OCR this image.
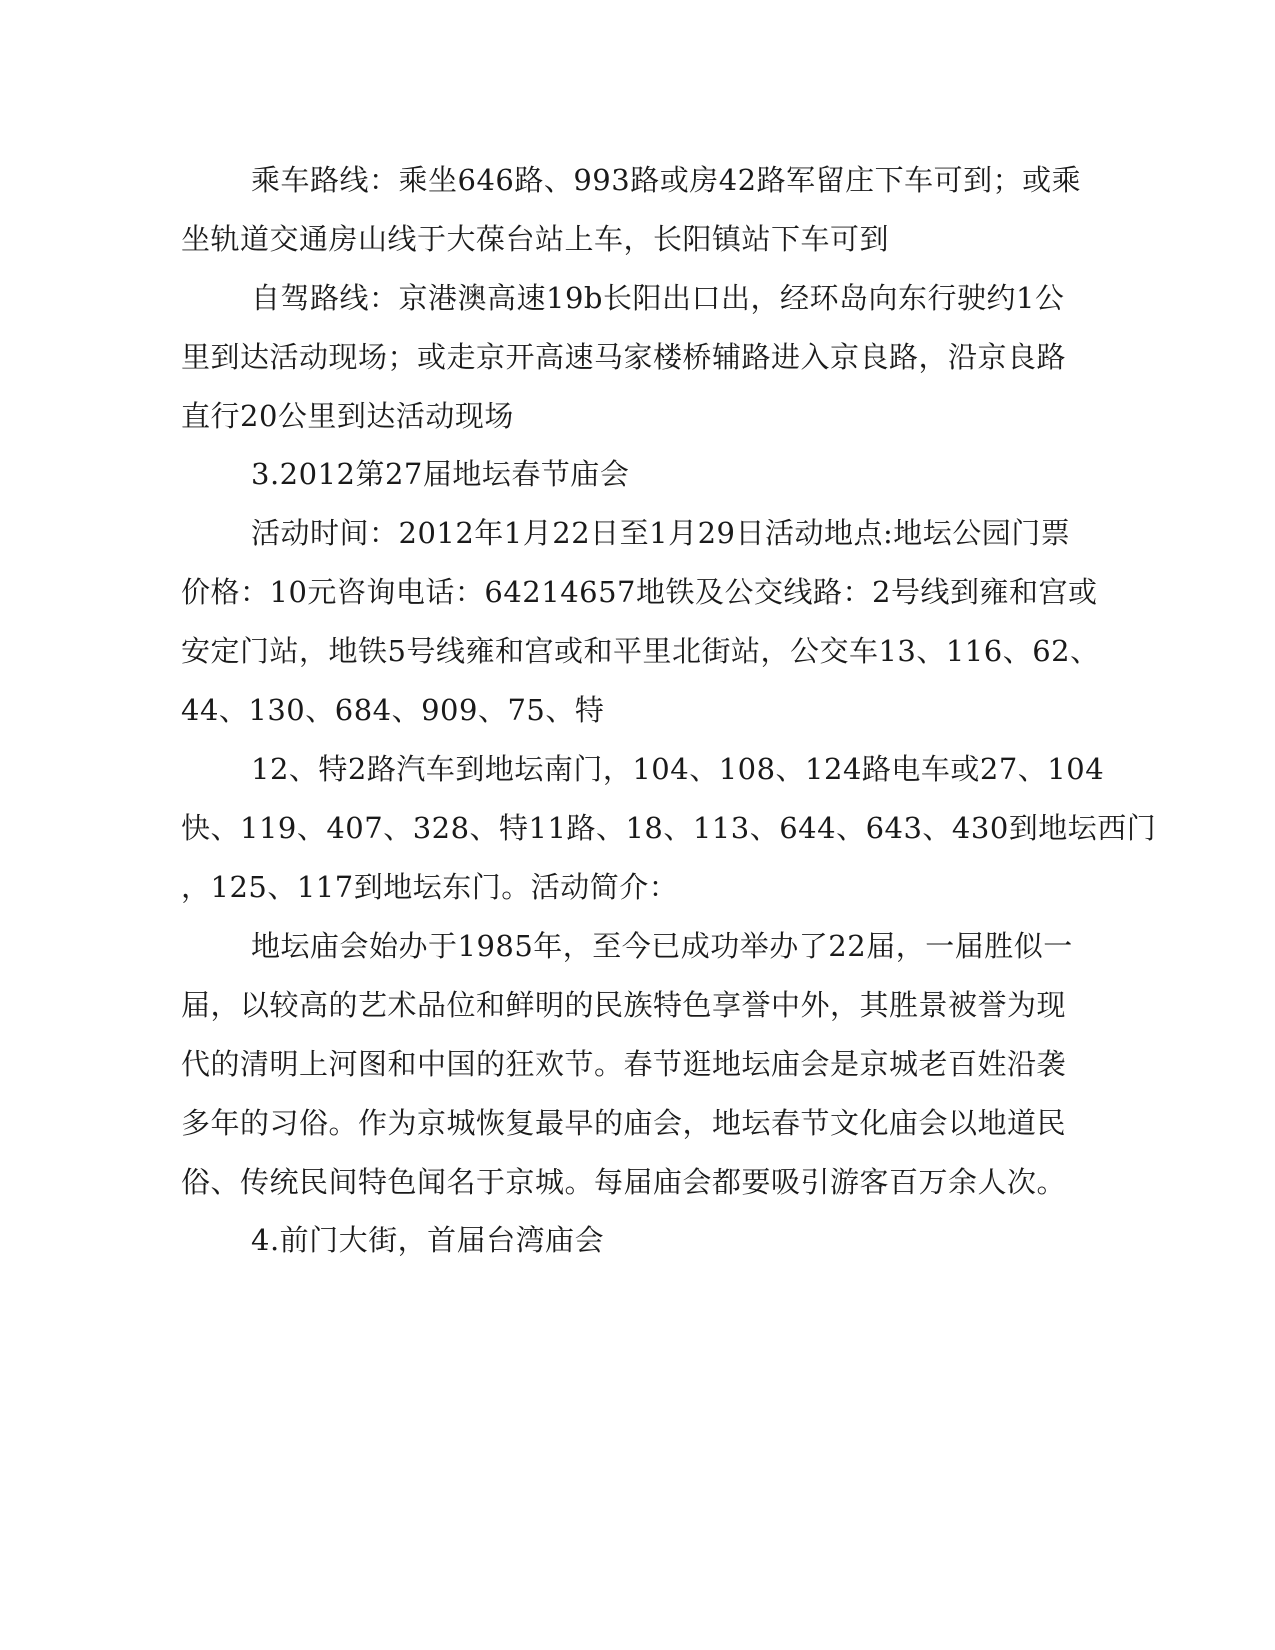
乘车路线：乘坐646路、993路或房42路军留庄下车可到；或乘
坐轨道交通房山线于大葆台站上车，长阳镇站下车可到
自驾路线：京港澳高速19b长阳出口出，经环岛向东行驶约1公
里到达活动现场；或走京开高速马家楼桥辅路进入京良路，沿京良路
直行20公里到达活动现场
3.2012第27届地坛春节庙会
活动时间：2012年1月22日至1月29日活动地点:地坛公园门票
价格：10元咨询电话：64214657地铁及公交线路：2号线到雍和宫或
安定门站，地铁5号线雍和宫或和平里北街站，公交车13、116、62、
44、130、684、909、75、特
12、特2路汽车到地坛南门，104、108、124路电车或27、104
快、119、407、328、特11路、18、113、644、643、430到地坛西门
，125、117到地坛东门。活动简介：
地坛庙会始办于1985年，至今已成功举办了22届，一届胜似一
届，以较高的艺术品位和鲜明的民族特色享誉中外，其胜景被誉为现
代的清明上河图和中国的狂欢节。春节逛地坛庙会是京城老百姓沿袭
多年的习俗。作为京城恢复最早的庙会，地坛春节文化庙会以地道民
俗、传统民间特色闻名于京城。每届庙会都要吸引游客百万余人次。
4.前门大街，首届台湾庙会
